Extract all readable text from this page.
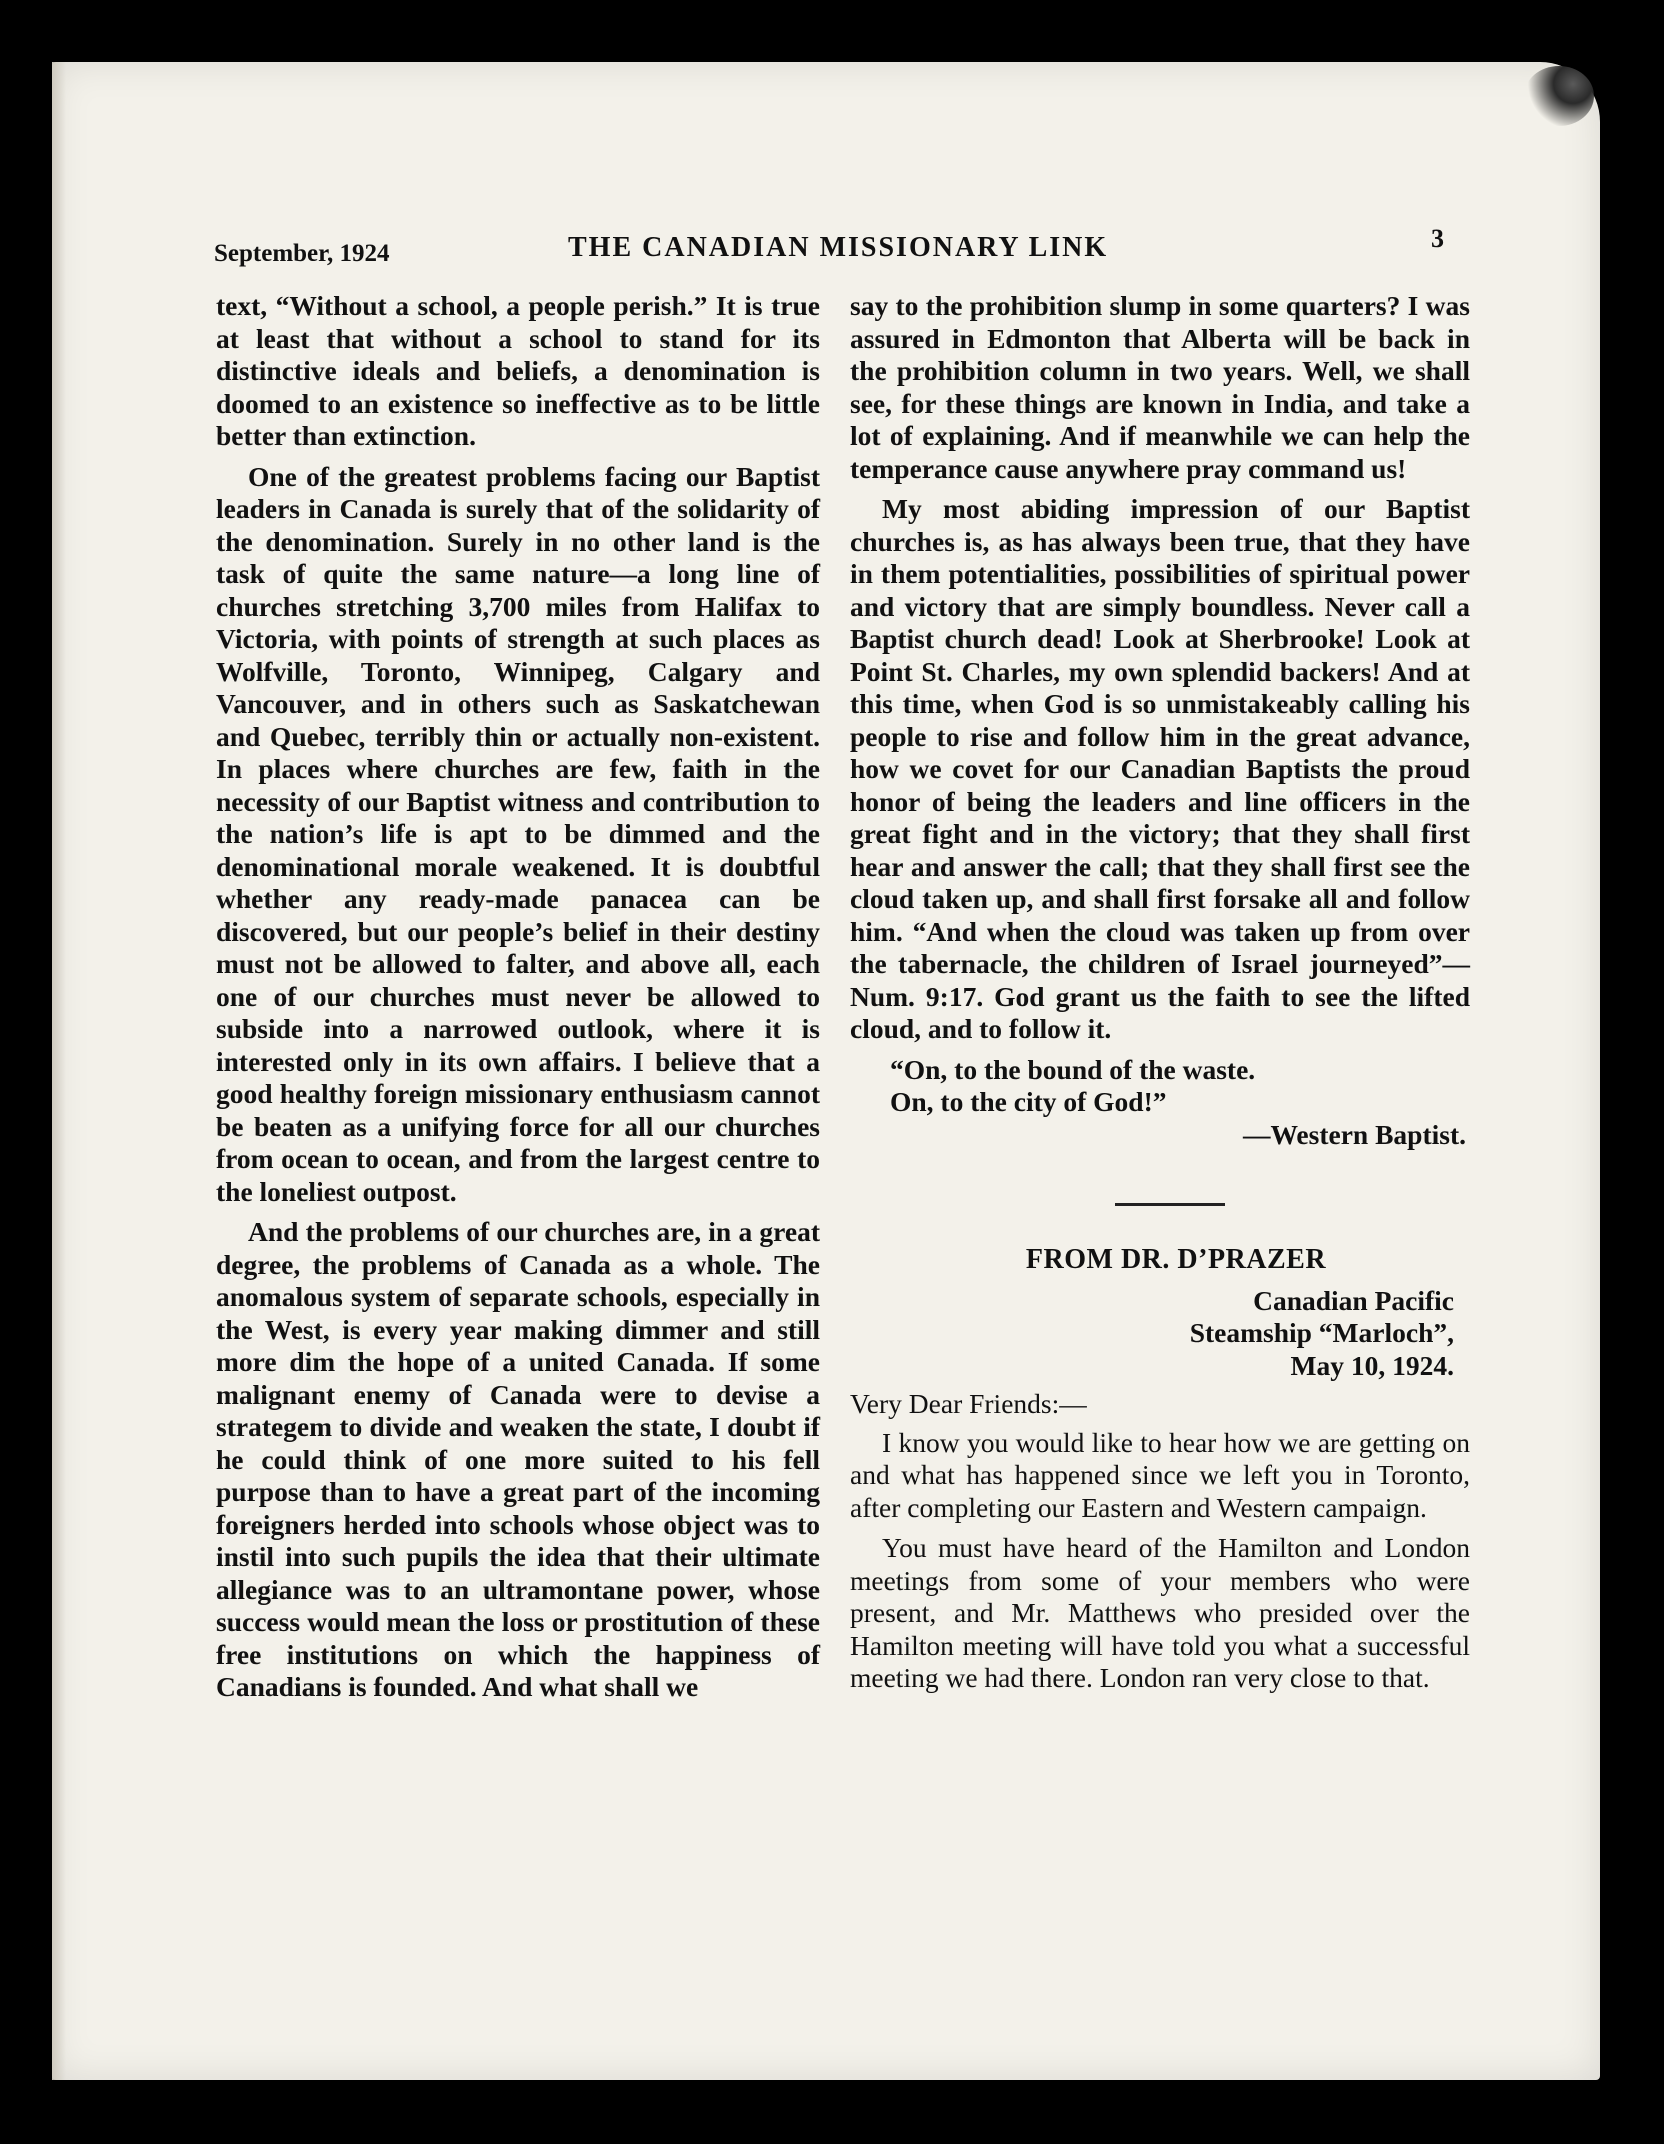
September, 1924	THE CANADIAN MISSIONARY LINK	3

text, “Without a school, a people perish.” It is true at least that without a school to stand for its distinctive ideals and beliefs, a denomination is doomed to an existence so ineffective as to be little better than extinction.

One of the greatest problems facing our Baptist leaders in Canada is surely that of the solidarity of the denomination. Surely in no other land is the task of quite the same nature—a long line of churches stretching 3,700 miles from Halifax to Victoria, with points of strength at such places as Wolfville, Toronto, Winnipeg, Calgary and Vancouver, and in others such as Saskatchewan and Quebec, terribly thin or actually non-existent. In places where churches are few, faith in the necessity of our Baptist witness and contribution to the nation’s life is apt to be dimmed and the denominational morale weakened. It is doubtful whether any ready-made panacea can be discovered, but our people’s belief in their destiny must not be allowed to falter, and above all, each one of our churches must never be allowed to subside into a narrowed outlook, where it is interested only in its own affairs. I believe that a good healthy foreign missionary enthusiasm cannot be beaten as a unifying force for all our churches from ocean to ocean, and from the largest centre to the loneliest outpost.

And the problems of our churches are, in a great degree, the problems of Canada as a whole. The anomalous system of separate schools, especially in the West, is every year making dimmer and still more dim the hope of a united Canada. If some malignant enemy of Canada were to devise a strategem to divide and weaken the state, I doubt if he could think of one more suited to his fell purpose than to have a great part of the incoming foreigners herded into schools whose object was to instil into such pupils the idea that their ultimate allegiance was to an ultramontane power, whose success would mean the loss or prostitution of these free institutions on which the happiness of Canadians is founded. And what shall we

say to the prohibition slump in some quarters? I was assured in Edmonton that Alberta will be back in the prohibition column in two years. Well, we shall see, for these things are known in India, and take a lot of explaining. And if meanwhile we can help the temperance cause anywhere pray command us!

My most abiding impression of our Baptist churches is, as has always been true, that they have in them potentialities, possibilities of spiritual power and victory that are simply boundless. Never call a Baptist church dead! Look at Sherbrooke! Look at Point St. Charles, my own splendid backers! And at this time, when God is so unmistakeably calling his people to rise and follow him in the great advance, how we covet for our Canadian Baptists the proud honor of being the leaders and line officers in the great fight and in the victory; that they shall first hear and answer the call; that they shall first see the cloud taken up, and shall first forsake all and follow him. “And when the cloud was taken up from over the tabernacle, the children of Israel journeyed”—Num. 9:17. God grant us the faith to see the lifted cloud, and to follow it.

“On, to the bound of the waste.
On, to the city of God!”
—Western Baptist.
FROM DR. D’PRAZER
Canadian Pacific
Steamship “Marloch”,
May 10, 1924.
Very Dear Friends:—

I know you would like to hear how we are getting on and what has happened since we left you in Toronto, after completing our Eastern and Western campaign.

You must have heard of the Hamilton and London meetings from some of your members who were present, and Mr. Matthews who presided over the Hamilton meeting will have told you what a successful meeting we had there. London ran very close to that.
